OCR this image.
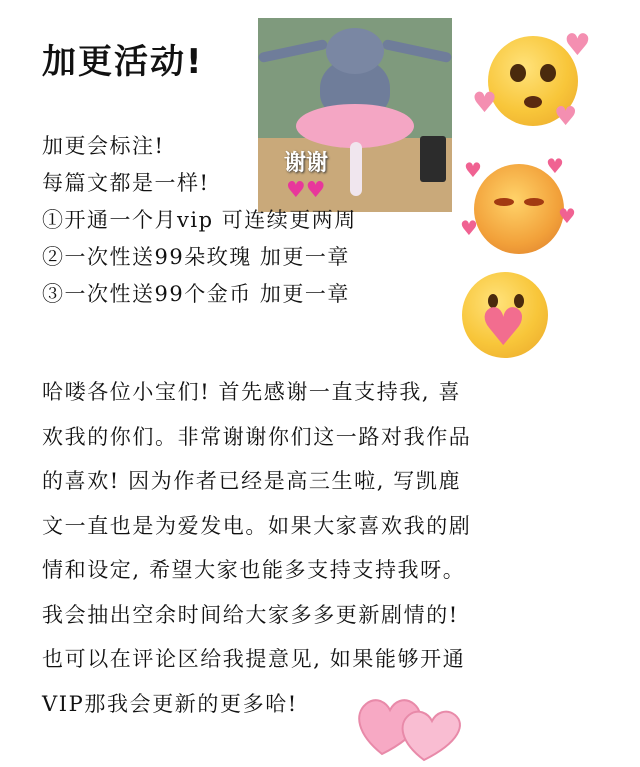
加更活动!
谢谢
♥♥
♥
♥
♥
♥	♥
♥
♥
♥
加更会标注!
每篇文都是一样!
①开通一个月vip 可连续更两周
②一次性送99朵玫瑰 加更一章
③一次性送99个金币 加更一章
哈喽各位小宝们! 首先感谢一直支持我, 喜
欢我的你们。非常谢谢你们这一路对我作品
的喜欢! 因为作者已经是高三生啦, 写凯鹿
文一直也是为爱发电。如果大家喜欢我的剧
情和设定, 希望大家也能多支持支持我呀。
我会抽出空余时间给大家多多更新剧情的!
也可以在评论区给我提意见, 如果能够开通
VIP那我会更新的更多哈!
